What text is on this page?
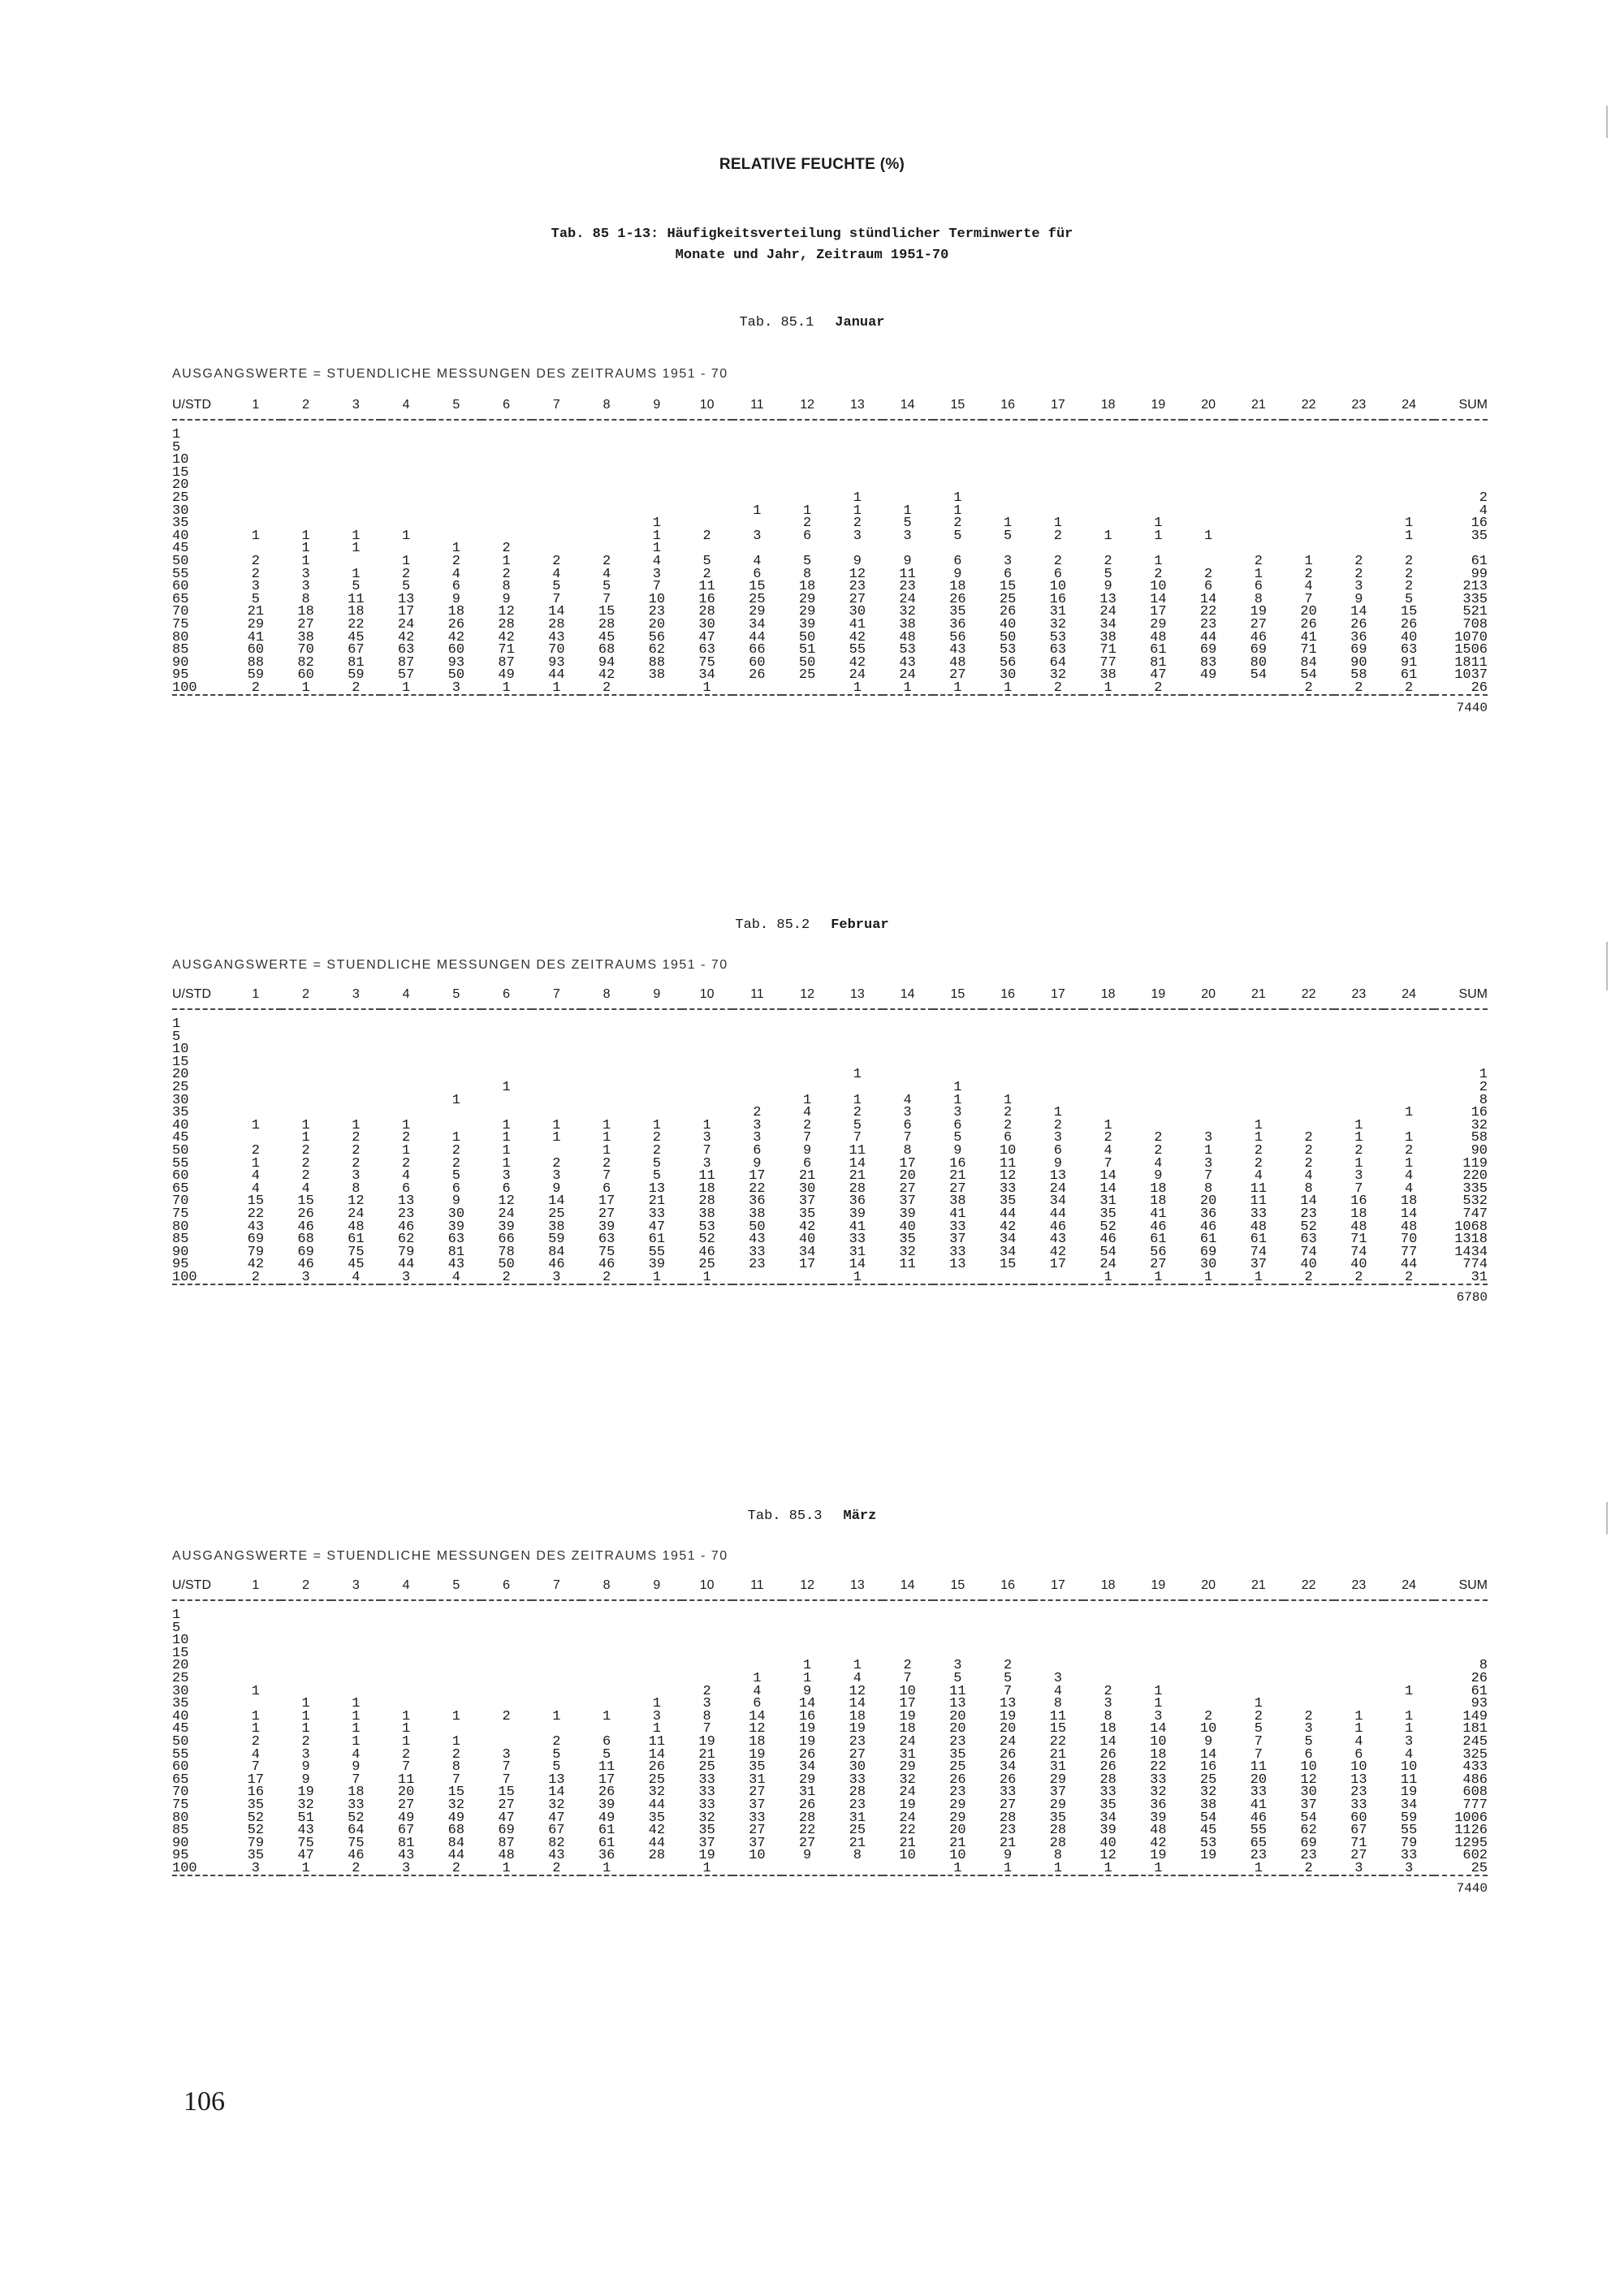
RELATIVE FEUCHTE (%)
Tab. 85 1-13: Häufigkeitsverteilung stündlicher Terminwerte für
Monate und Jahr, Zeitraum 1951-70
Tab. 85.1 Januar
AUSGANGSWERTE = STUENDLICHE MESSUNGEN DES ZEITRAUMS 1951 - 70
U/STD	1	2	3	4	5	6	7	8	9	10	11	12	13	14	15	16	17	18	19	20	21	22	23	24	SUM
1																									
5																									
10																									
15																									
20																									
25													1		1										2
30											1	1	1	1	1										4
35									1			2	2	5	2	1	1		1					1	16
40	1	1	1	1					1	2	3	6	3	3	5	5	2	1	1	1				1	35
45		1	1		1	2			1																
50	2	1		1	2	1	2	2	4	5	4	5	9	9	6	3	2	2	1		2	1	2	2	61
55	2	3	1	2	4	2	4	4	3	2	6	8	12	11	9	6	6	5	2	2	1	2	2	2	99
60	3	3	5	5	6	8	5	5	7	11	15	18	23	23	18	15	10	9	10	6	6	4	3	2	213
65	5	8	11	13	9	9	7	7	10	16	25	29	27	24	26	25	16	13	14	14	8	7	9	5	335
70	21	18	18	17	18	12	14	15	23	28	29	29	30	32	35	26	31	24	17	22	19	20	14	15	521
75	29	27	22	24	26	28	28	28	20	30	34	39	41	38	36	40	32	34	29	23	27	26	26	26	708
80	41	38	45	42	42	42	43	45	56	47	44	50	42	48	56	50	53	38	48	44	46	41	36	40	1070
85	60	70	67	63	60	71	70	68	62	63	66	51	55	53	43	53	63	71	61	69	69	71	69	63	1506
90	88	82	81	87	93	87	93	94	88	75	60	50	42	43	48	56	64	77	81	83	80	84	90	91	1811
95	59	60	59	57	50	49	44	42	38	34	26	25	24	24	27	30	32	38	47	49	54	54	58	61	1037
100	2	1	2	1	3	1	1	2		1			1	1	1	1	2	1	2			2	2	2	26
7440																									
Tab. 85.2 Februar
AUSGANGSWERTE = STUENDLICHE MESSUNGEN DES ZEITRAUMS 1951 - 70
U/STD	1	2	3	4	5	6	7	8	9	10	11	12	13	14	15	16	17	18	19	20	21	22	23	24	SUM
1																									
5																									
10																									
15																									
20													1												1
25						1									1										2
30					1							1	1	4	1	1									8
35											2	4	2	3	3	2	1							1	16
40	1	1	1	1		1	1	1	1	1	3	2	5	6	6	2	2	1			1		1		32
45		1	2	2	1	1	1	1	2	3	3	7	7	7	5	6	3	2	2	3	1	2	1	1	58
50	2	2	2	1	2	1		1	2	7	6	9	11	8	9	10	6	4	2	1	2	2	2	2	90
55	1	2	2	2	2	1	2	2	5	3	9	6	14	17	16	11	9	7	4	3	2	2	1	1	119
60	4	2	3	4	5	3	3	7	5	11	17	21	21	20	21	12	13	14	9	7	4	4	3	4	220
65	4	4	8	6	6	6	9	6	13	18	22	30	28	27	27	33	24	14	18	8	11	8	7	4	335
70	15	15	12	13	9	12	14	17	21	28	36	37	36	37	38	35	34	31	18	20	11	14	16	18	532
75	22	26	24	23	30	24	25	27	33	38	38	35	39	39	41	44	44	35	41	36	33	23	18	14	747
80	43	46	48	46	39	39	38	39	47	53	50	42	41	40	33	42	46	52	46	46	48	52	48	48	1068
85	69	68	61	62	63	66	59	63	61	52	43	40	33	35	37	34	43	46	61	61	61	63	71	70	1318
90	79	69	75	79	81	78	84	75	55	46	33	34	31	32	33	34	42	54	56	69	74	74	74	77	1434
95	42	46	45	44	43	50	46	46	39	25	23	17	14	11	13	15	17	24	27	30	37	40	40	44	774
100	2	3	4	3	4	2	3	2	1	1			1					1	1	1	1	2	2	2	31
6780																									
Tab. 85.3 März
AUSGANGSWERTE = STUENDLICHE MESSUNGEN DES ZEITRAUMS 1951 - 70
U/STD	1	2	3	4	5	6	7	8	9	10	11	12	13	14	15	16	17	18	19	20	21	22	23	24	SUM
1																									
5																									
10																									
15																									
20												1	1	2	3	2									8
25											1	1	4	7	5	5	3								26
30	1									2	4	9	12	10	11	7	4	2	1					1	61
35		1	1						1	3	6	14	14	17	13	13	8	3	1		1				93
40	1	1	1	1	1	2	1	1	3	8	14	16	18	19	20	19	11	8	3	2	2	2	1	1	149
45	1	1	1	1					1	7	12	19	19	18	20	20	15	18	14	10	5	3	1	1	181
50	2	2	1	1	1		2	6	11	19	18	19	23	24	23	24	22	14	10	9	7	5	4	3	245
55	4	3	4	2	2	3	5	5	14	21	19	26	27	31	35	26	21	26	18	14	7	6	6	4	325
60	7	9	9	7	8	7	5	11	26	25	35	34	30	29	25	34	31	26	22	16	11	10	10	10	433
65	17	9	7	11	7	7	13	17	25	33	31	29	33	32	26	26	29	28	33	25	20	12	13	11	486
70	16	19	18	20	15	15	14	26	32	33	27	31	28	24	23	33	37	33	32	32	33	30	23	19	608
75	35	32	33	27	32	27	32	39	44	33	37	26	23	19	29	27	29	35	36	38	41	37	33	34	777
80	52	51	52	49	49	47	47	49	35	32	33	28	31	24	29	28	35	34	39	54	46	54	60	59	1006
85	52	43	64	67	68	69	67	61	42	35	27	22	25	22	20	23	28	39	48	45	55	62	67	55	1126
90	79	75	75	81	84	87	82	61	44	37	37	27	21	21	21	21	28	40	42	53	65	69	71	79	1295
95	35	47	46	43	44	48	43	36	28	19	10	9	8	10	10	9	8	12	19	19	23	23	27	33	602
100	3	1	2	3	2	1	2	1		1					1	1	1	1	1		1	2	3	3	25
7440																									
106
